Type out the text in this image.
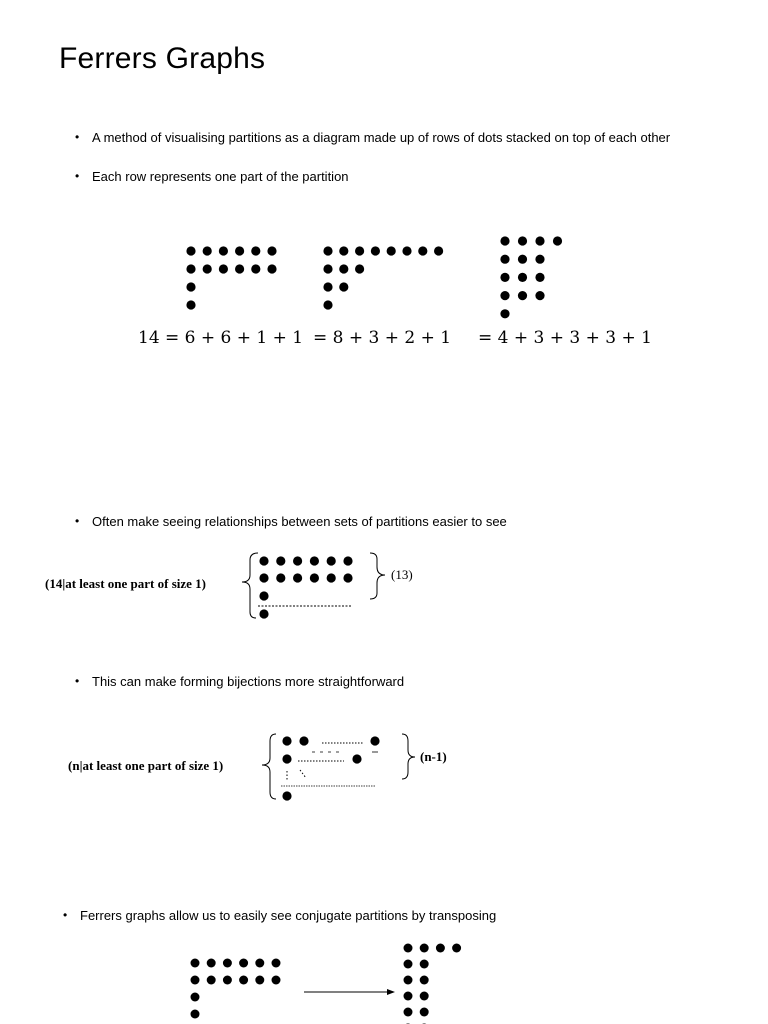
Ferrers Graphs
• A method of visualising partitions as a diagram made up of rows of dots stacked on top of each other
• Each row represents one part of the partition
14 = 6 + 6 + 1 + 1 = 8 + 3 + 2 + 1 = 4 + 3 + 3 + 3 + 1
• Often make seeing relationships between sets of partitions easier to see
(14|at least one part of size 1)
(13)
• This can make forming bijections more straightforward
(n|at least one part of size 1)
(n-1)
• Ferrers graphs allow us to easily see conjugate partitions by transposing
